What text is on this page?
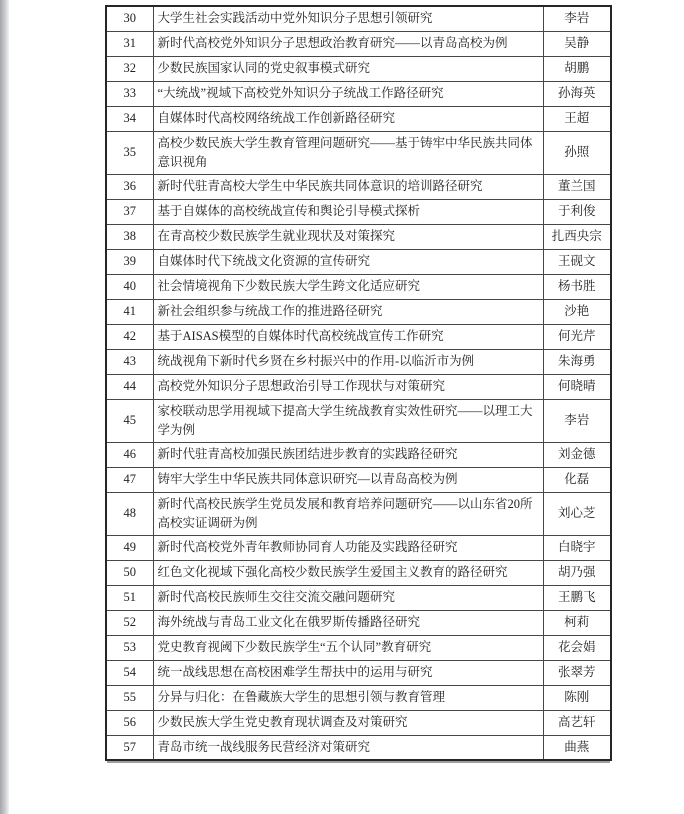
30	大学生社会实践活动中党外知识分子思想引领研究	李岩
31	新时代高校党外知识分子思想政治教育研究——以青岛高校为例	吴静
32	少数民族国家认同的党史叙事模式研究	胡鹏
33	“大统战”视域下高校党外知识分子统战工作路径研究	孙海英
34	自媒体时代高校网络统战工作创新路径研究	王超
35	高校少数民族大学生教育管理问题研究——基于铸牢中华民族共同体意识视角	孙照
36	新时代驻青高校大学生中华民族共同体意识的培训路径研究	董兰国
37	基于自媒体的高校统战宣传和舆论引导模式探析	于利俊
38	在青高校少数民族学生就业现状及对策探究	扎西央宗
39	自媒体时代下统战文化资源的宣传研究	王砚文
40	社会情境视角下少数民族大学生跨文化适应研究	杨书胜
41	新社会组织参与统战工作的推进路径研究	沙艳
42	基于AISAS模型的自媒体时代高校统战宣传工作研究	何光芹
43	统战视角下新时代乡贤在乡村振兴中的作用-以临沂市为例	朱海勇
44	高校党外知识分子思想政治引导工作现状与对策研究	何晓晴
45	家校联动思学用视域下提高大学生统战教育实效性研究——以理工大学为例	李岩
46	新时代驻青高校加强民族团结进步教育的实践路径研究	刘金德
47	铸牢大学生中华民族共同体意识研究—以青岛高校为例	化磊
48	新时代高校民族学生党员发展和教育培养问题研究——以山东省20所高校实证调研为例	刘心芝
49	新时代高校党外青年教师协同育人功能及实践路径研究	白晓宇
50	红色文化视域下强化高校少数民族学生爱国主义教育的路径研究	胡乃强
51	新时代高校民族师生交往交流交融问题研究	王鹏飞
52	海外统战与青岛工业文化在俄罗斯传播路径研究	柯莉
53	党史教育视阈下少数民族学生“五个认同”教育研究	花会娟
54	统一战线思想在高校困难学生帮扶中的运用与研究	张翠芳
55	分异与归化：在鲁藏族大学生的思想引领与教育管理	陈刚
56	少数民族大学生党史教育现状调查及对策研究	高艺轩
57	青岛市统一战线服务民营经济对策研究	曲燕
